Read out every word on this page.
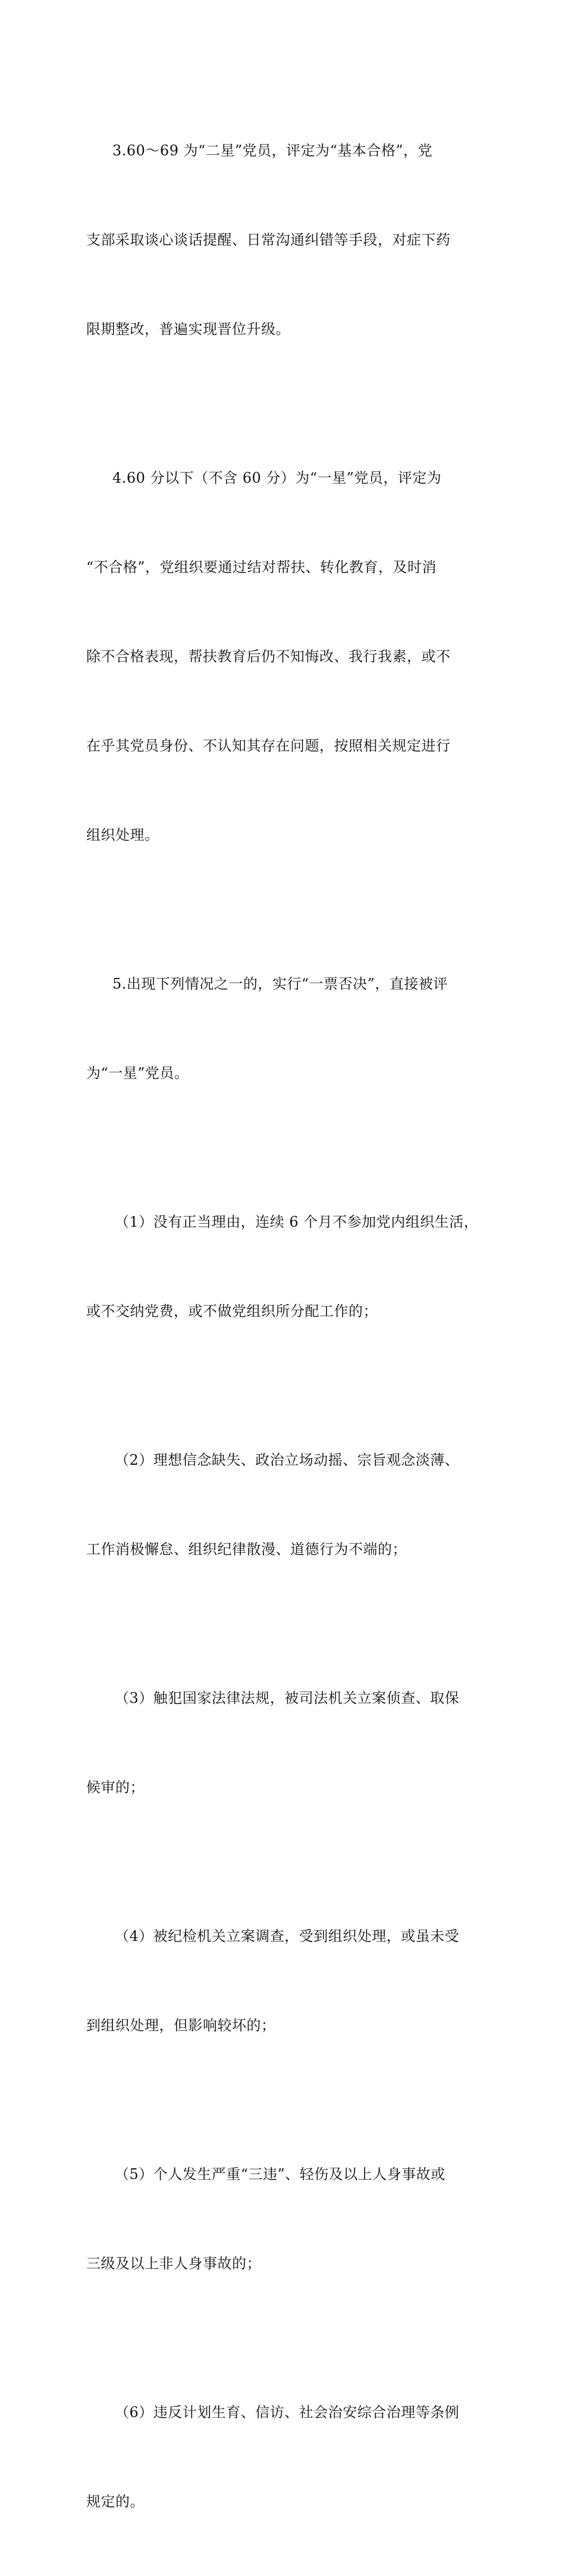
3.60～69 为“二星”党员，评定为“基本合格”，党

支部采取谈心谈话提醒、日常沟通纠错等手段，对症下药

限期整改，普遍实现晋位升级。

4.60 分以下（不含 60 分）为“一星”党员，评定为

“不合格”，党组织要通过结对帮扶、转化教育，及时消

除不合格表现，帮扶教育后仍不知悔改、我行我素，或不

在乎其党员身份、不认知其存在问题，按照相关规定进行

组织处理。

5.出现下列情况之一的，实行“一票否决”，直接被评

为“一星”党员。

（1）没有正当理由，连续 6 个月不参加党内组织生活，

或不交纳党费，或不做党组织所分配工作的；

（2）理想信念缺失、政治立场动摇、宗旨观念淡薄、

工作消极懈怠、组织纪律散漫、道德行为不端的；

（3）触犯国家法律法规，被司法机关立案侦查、取保

候审的；

（4）被纪检机关立案调查，受到组织处理，或虽未受

到组织处理，但影响较坏的；

（5）个人发生严重“三违”、轻伤及以上人身事故或

三级及以上非人身事故的；

（6）违反计划生育、信访、社会治安综合治理等条例

规定的。
